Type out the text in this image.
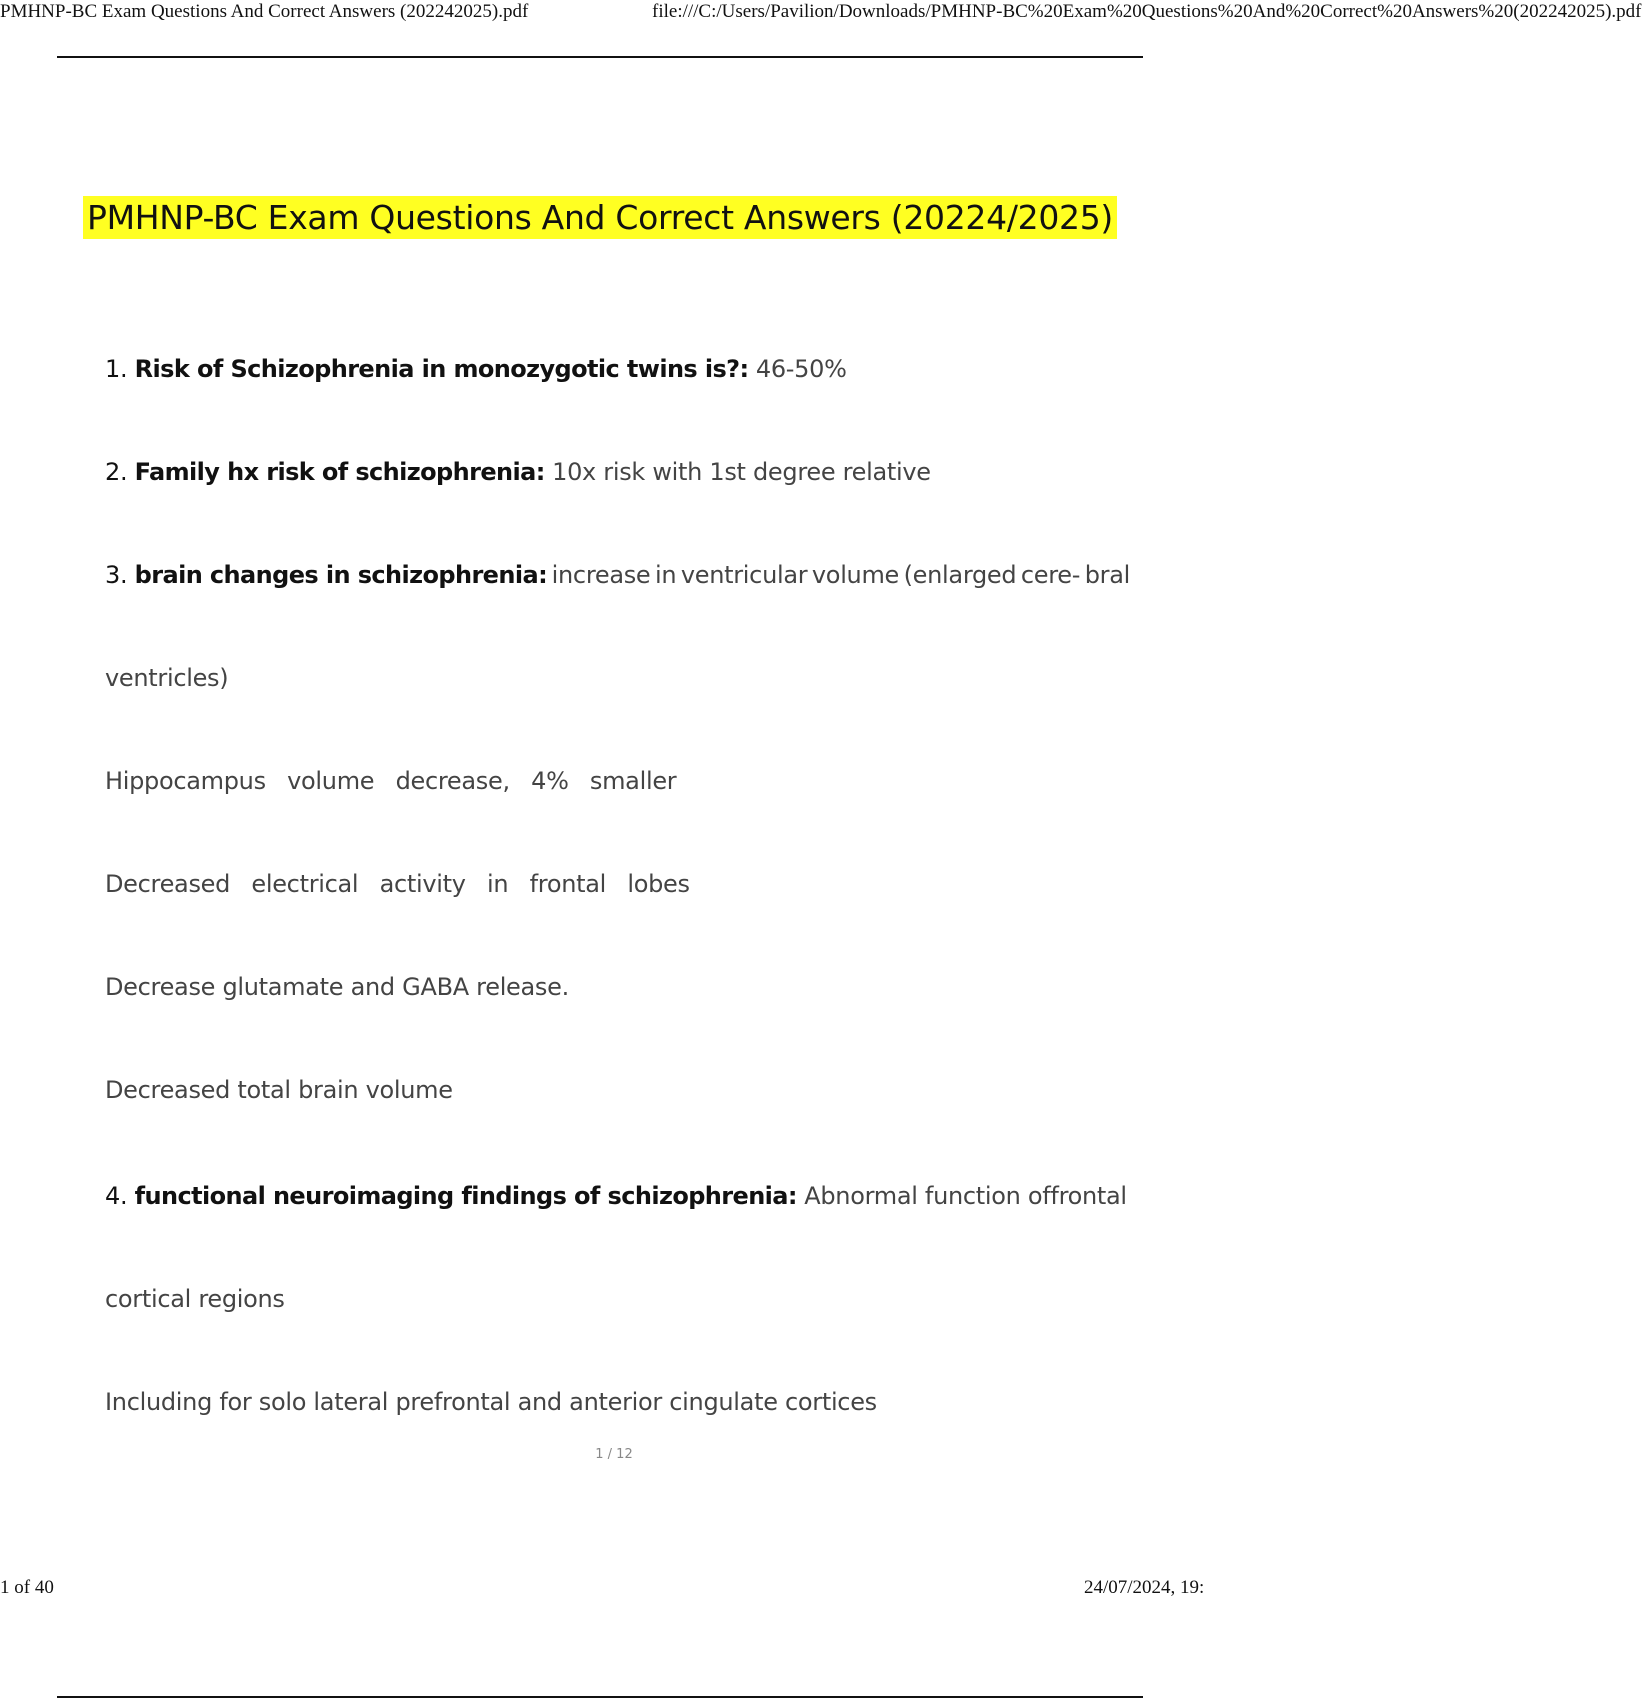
PMHNP-BC Exam Questions And Correct Answers (202242025).pdf	file:///C:/Users/Pavilion/Downloads/PMHNP-BC%20Exam%20Questions%20And%20Correct%20Answers%20(202242025).pdf
PMHNP-BC Exam Questions And Correct Answers (20224/2025)
1. Risk of Schizophrenia in monozygotic twins is?: 46-50%
2. Family hx risk of schizophrenia: 10x risk with 1st degree relative
3. brain changes in schizophrenia: increase in ventricular volume (enlarged cere- bral
ventricles)
Hippocampus volume decrease, 4% smaller
Decreased electrical activity in frontal lobes
Decrease glutamate and GABA release.
Decreased total brain volume
4. functional neuroimaging findings of schizophrenia: Abnormal function offrontal
cortical regions
Including for solo lateral prefrontal and anterior cingulate cortices
1 / 12
1 of 40	24/07/2024, 19:
